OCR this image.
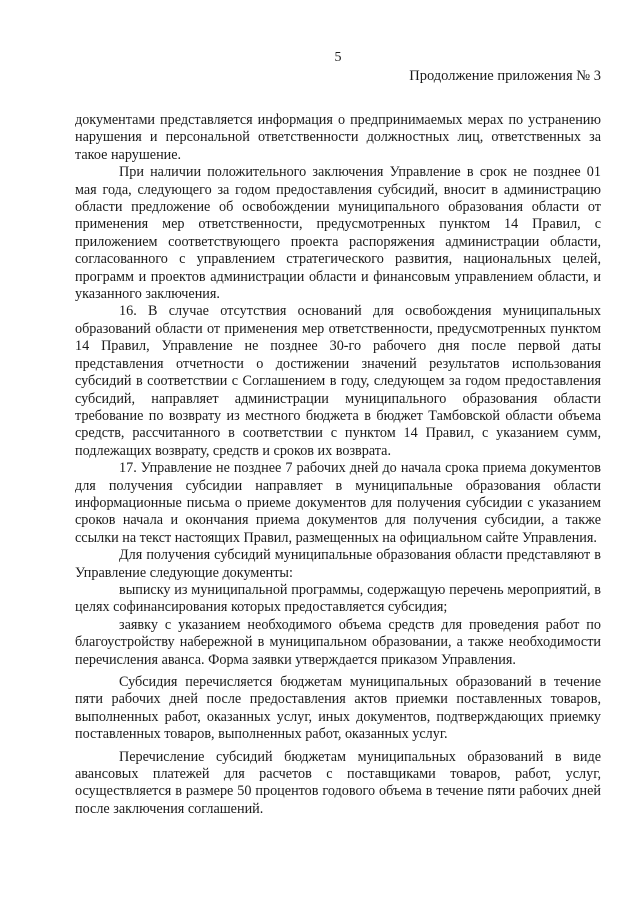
5
Продолжение приложения № 3

документами представляется информация о предпринимаемых мерах по устранению нарушения и персональной ответственности должностных лиц, ответственных за такое нарушение.

При наличии положительного заключения Управление в срок не позднее 01 мая года, следующего за годом предоставления субсидий, вносит в администрацию области предложение об освобождении муниципального образования области от применения мер ответственности, предусмотренных пунктом 14 Правил, с приложением соответствующего проекта распоряжения администрации области, согласованного с управлением стратегического развития, национальных целей, программ и проектов администрации области и финансовым управлением области, и указанного заключения.

16. В случае отсутствия оснований для освобождения муниципальных образований области от применения мер ответственности, предусмотренных пунктом 14 Правил, Управление не позднее 30-го рабочего дня после первой даты представления отчетности о достижении значений результатов использования субсидий в соответствии с Соглашением в году, следующем за годом предоставления субсидий, направляет администрации муниципального образования области требование по возврату из местного бюджета в бюджет Тамбовской области объема средств, рассчитанного в соответствии с пунктом 14 Правил, с указанием сумм, подлежащих возврату, средств и сроков их возврата.

17. Управление не позднее 7 рабочих дней до начала срока приема документов для получения субсидии направляет в муниципальные образования области информационные письма о приеме документов для получения субсидии с указанием сроков начала и окончания приема документов для получения субсидии, а также ссылки на текст настоящих Правил, размещенных на официальном сайте Управления.

Для получения субсидий муниципальные образования области представляют в Управление следующие документы:

выписку из муниципальной программы, содержащую перечень мероприятий, в целях софинансирования которых предоставляется субсидия;

заявку с указанием необходимого объема средств для проведения работ по благоустройству набережной в муниципальном образовании, а также необходимости перечисления аванса. Форма заявки утверждается приказом Управления.

Субсидия перечисляется бюджетам муниципальных образований в течение пяти рабочих дней после предоставления актов приемки поставленных товаров, выполненных работ, оказанных услуг, иных документов, подтверждающих приемку поставленных товаров, выполненных работ, оказанных услуг.

Перечисление субсидий бюджетам муниципальных образований в виде авансовых платежей для расчетов с поставщиками товаров, работ, услуг, осуществляется в размере 50 процентов годового объема в течение пяти рабочих дней после заключения соглашений.
